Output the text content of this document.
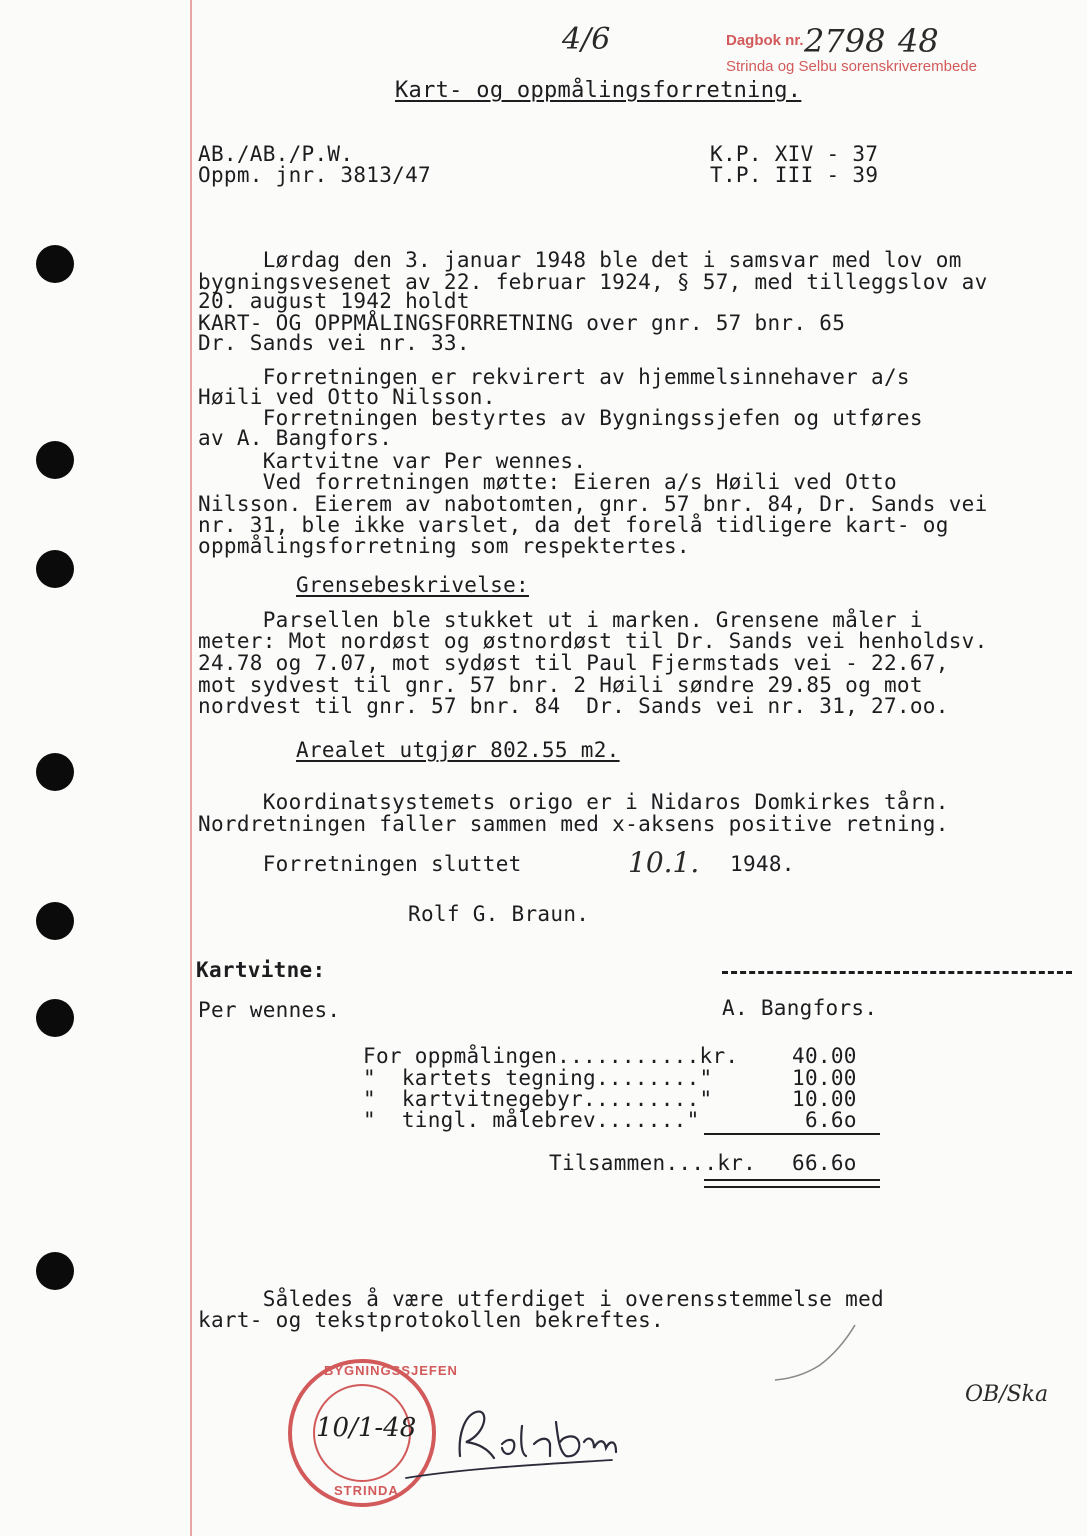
4/6	Dagbok nr. 2798 48
Strinda og Selbu sorenskriverembede
Kart- og oppmålingsforretning.
AB./AB./P.W.
Oppm. jnr. 3813/47
K.P. XIV - 37
T.P. III - 39
Lørdag den 3. januar 1948 ble det i samsvar med lov om
bygningsvesenet av 22. februar 1924, § 57, med tilleggslov av
20. august 1942 holdt
KART- OG OPPMÅLINGSFORRETNING over gnr. 57 bnr. 65
Dr. Sands vei nr. 33.
Forretningen er rekvirert av hjemmelsinnehaver a/s
Høili ved Otto Nilsson.
Forretningen bestyrtes av Bygningssjefen og utføres
av A. Bangfors.
Kartvitne var Per wennes.
Ved forretningen møtte: Eieren a/s Høili ved Otto
Nilsson. Eierem av nabotomten, gnr. 57 bnr. 84, Dr. Sands vei
nr. 31, ble ikke varslet, da det forelå tidligere kart- og
oppmålingsforretning som respektertes.
Grensebeskrivelse:
Parsellen ble stukket ut i marken. Grensene måler i
meter: Mot nordøst og østnordøst til Dr. Sands vei henholdsv.
24.78 og 7.07, mot sydøst til Paul Fjermstads vei - 22.67,
mot sydvest til gnr. 57 bnr. 2 Høili søndre 29.85 og mot
nordvest til gnr. 57 bnr. 84  Dr. Sands vei nr. 31, 27.oo.
Arealet utgjør 802.55 m2.
Koordinatsystemets origo er i Nidaros Domkirkes tårn.
Nordretningen faller sammen med x-aksens positive retning.
Forretningen sluttet	10.1. 1948.
Rolf G. Braun.
Kartvitne:
Per wennes.	A. Bangfors.
For oppmålingen...........kr.	40.00
"  kartets tegning........"	10.00
"  kartvitnegebyr........."	10.00
"  tingl. målebrev......."	6.6o
Tilsammen....kr. 66.6o
Således å være utferdiget i overensstemmelse med
kart- og tekstprotokollen bekreftes.
BYGNINGSSJEFEN
STRINDA
10/1-48
OB/Ska
